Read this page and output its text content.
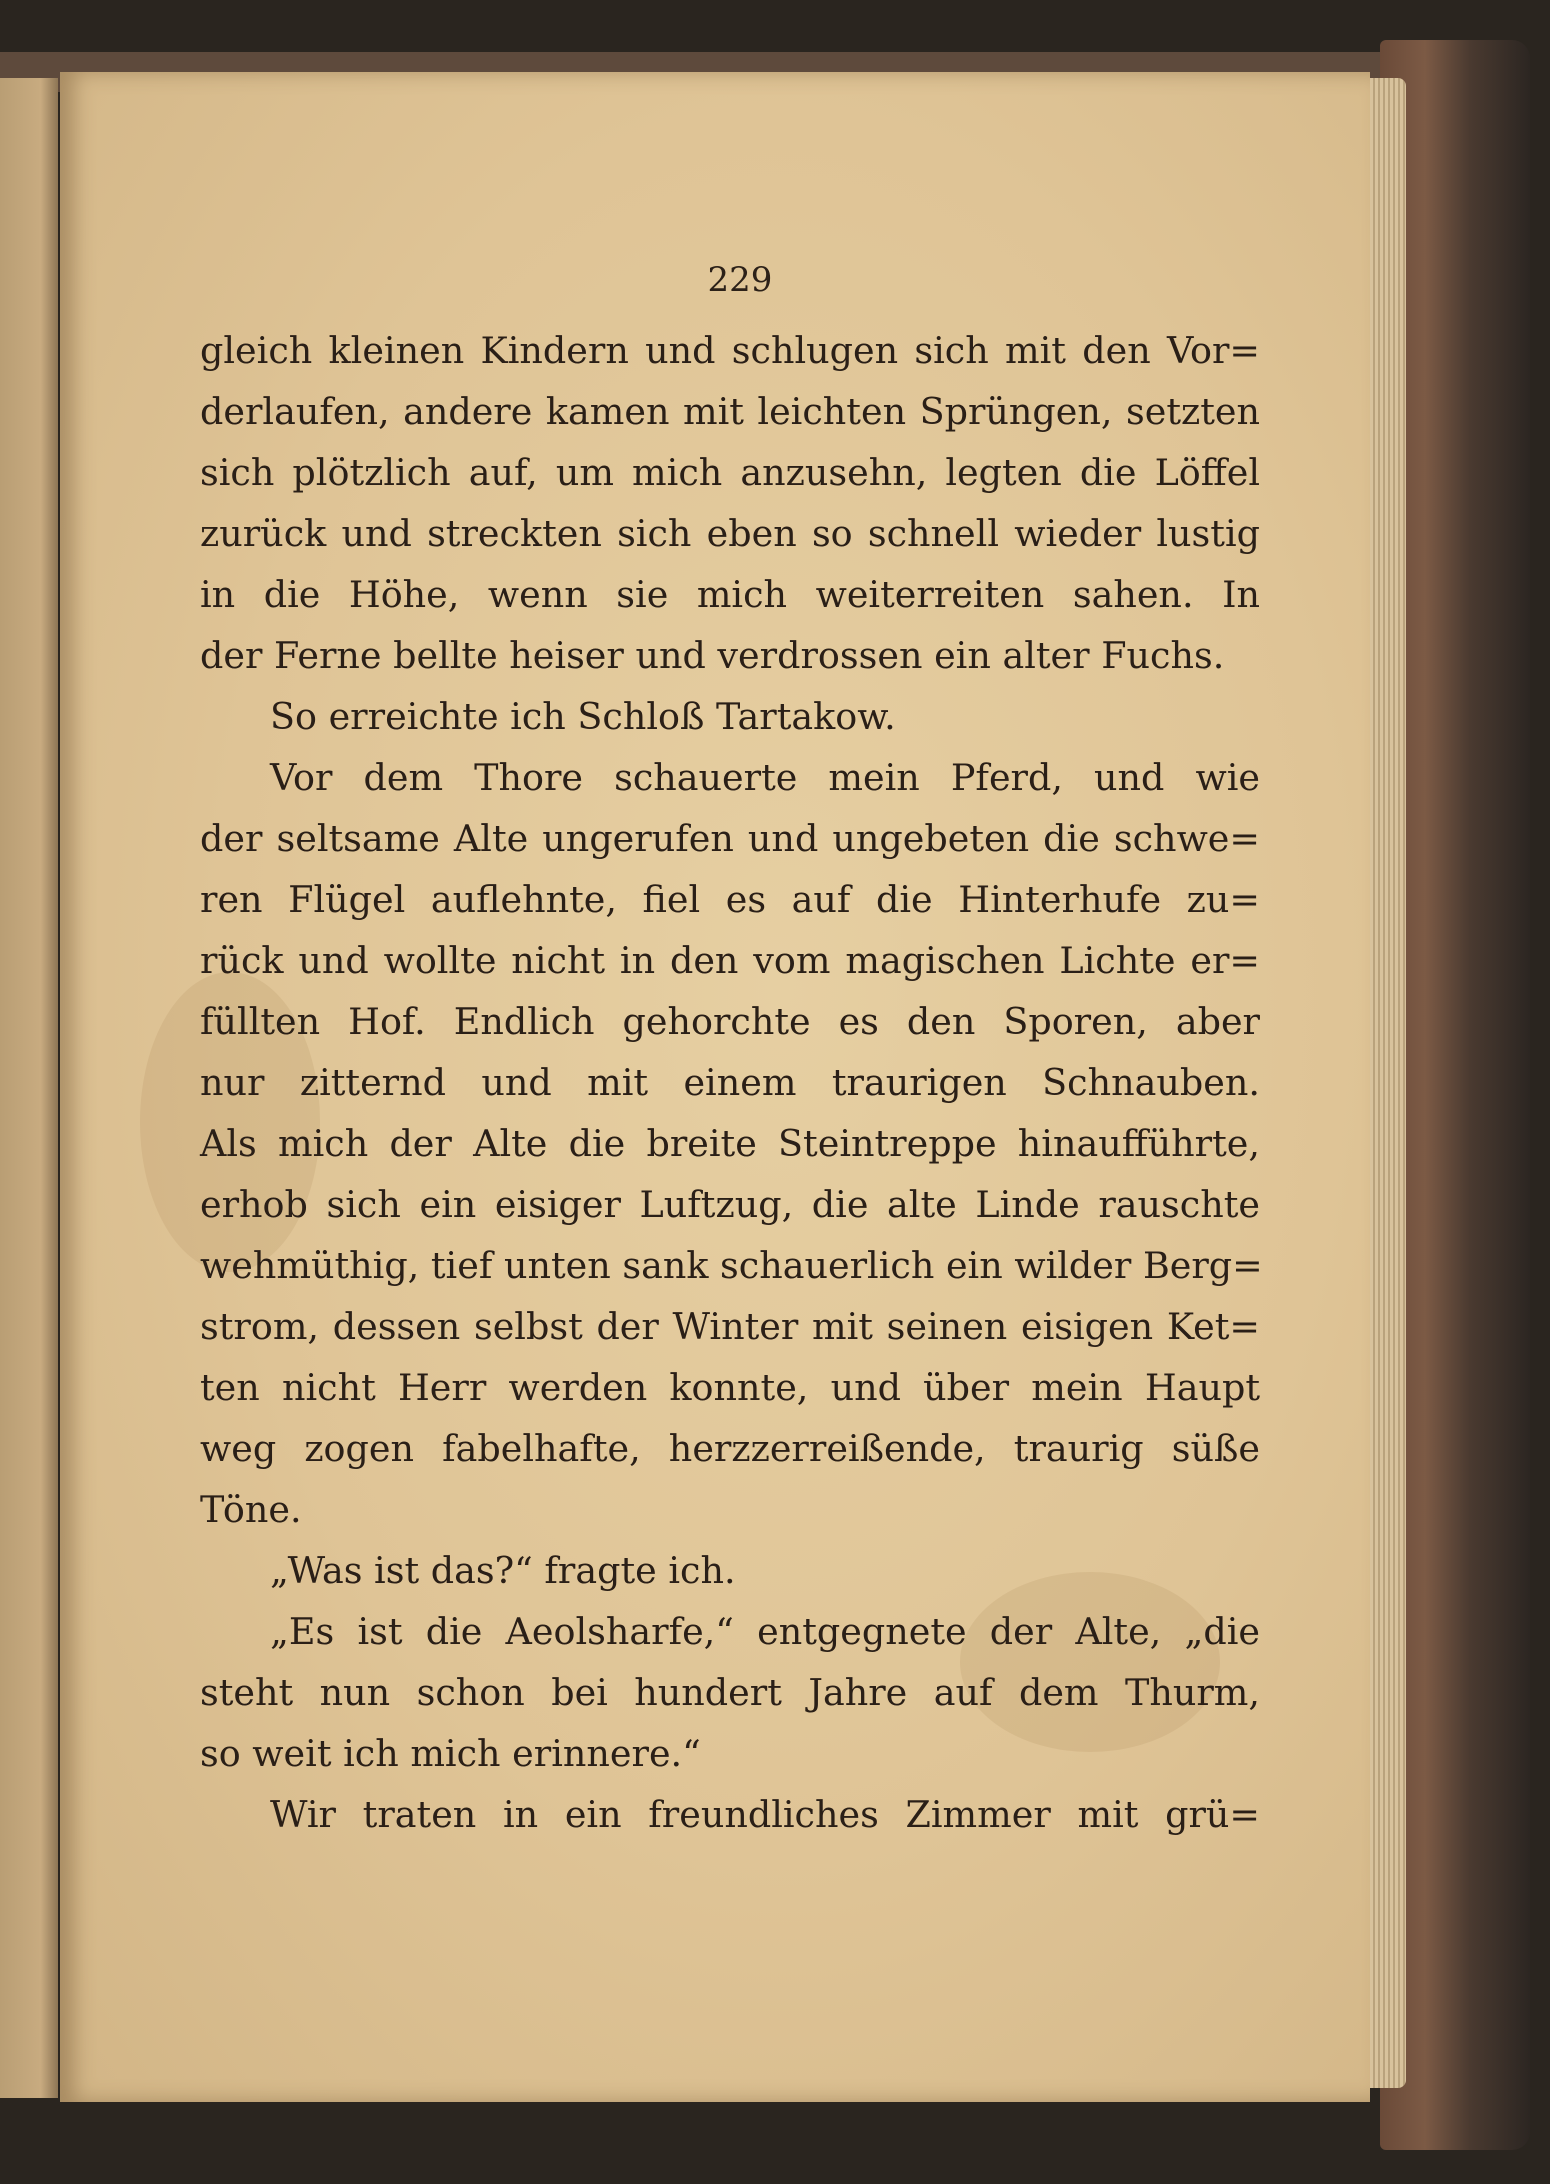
229
gleich kleinen Kindern und schlugen sich mit den Vor=
derlaufen, andere kamen mit leichten Sprüngen, setzten
sich plötzlich auf, um mich anzusehn, legten die Löffel
zurück und streckten sich eben so schnell wieder lustig
in die Höhe, wenn sie mich weiterreiten sahen. In
der Ferne bellte heiser und verdrossen ein alter Fuchs.
So erreichte ich Schloß Tartakow.
Vor dem Thore schauerte mein Pferd, und wie
der seltsame Alte ungerufen und ungebeten die schwe=
ren Flügel auflehnte, fiel es auf die Hinterhufe zu=
rück und wollte nicht in den vom magischen Lichte er=
füllten Hof. Endlich gehorchte es den Sporen, aber
nur zitternd und mit einem traurigen Schnauben.
Als mich der Alte die breite Steintreppe hinaufführte,
erhob sich ein eisiger Luftzug, die alte Linde rauschte
wehmüthig, tief unten sank schauerlich ein wilder Berg=
strom, dessen selbst der Winter mit seinen eisigen Ket=
ten nicht Herr werden konnte, und über mein Haupt
weg zogen fabelhafte, herzzerreißende, traurig süße
Töne.
„Was ist das?“ fragte ich.
„Es ist die Aeolsharfe,“ entgegnete der Alte, „die
steht nun schon bei hundert Jahre auf dem Thurm,
so weit ich mich erinnere.“
Wir traten in ein freundliches Zimmer mit grü=
